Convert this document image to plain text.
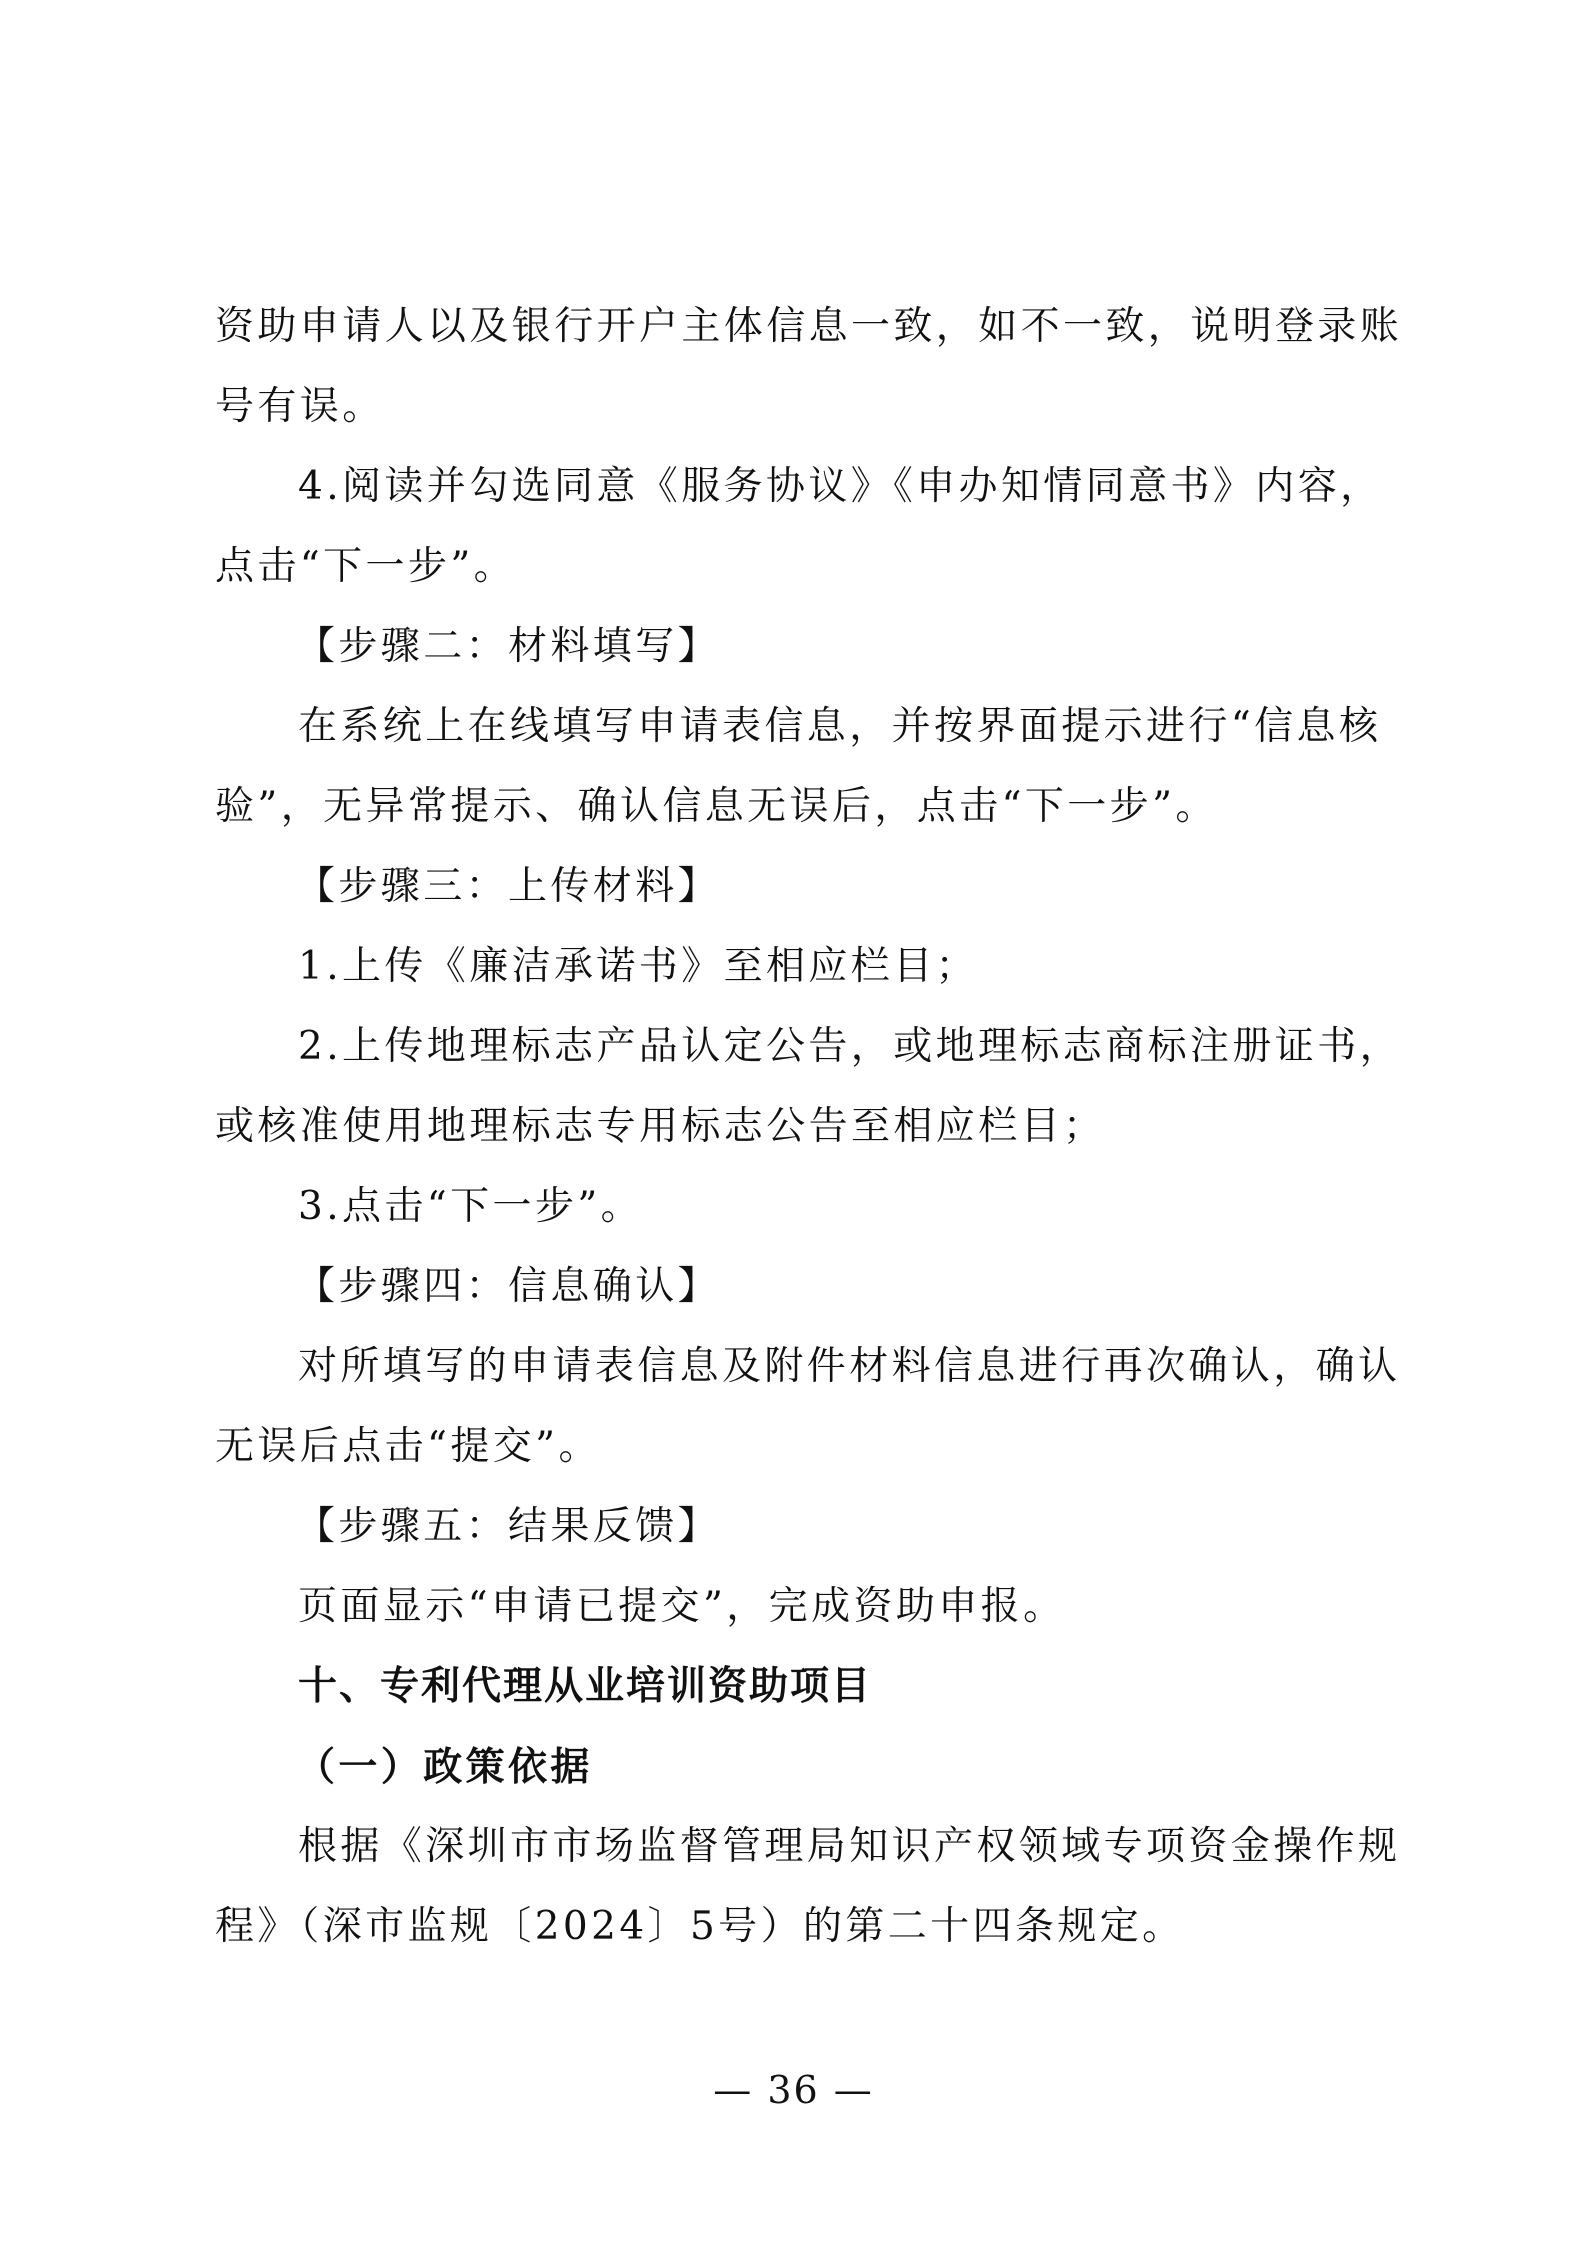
资助申请人以及银行开户主体信息一致，如不一致，说明登录账
号有误。
4.阅读并勾选同意《服务协议》《申办知情同意书》内容，
点击“下一步”。
【步骤二：材料填写】
在系统上在线填写申请表信息，并按界面提示进行“信息核
验”，无异常提示、确认信息无误后，点击“下一步”。
【步骤三：上传材料】
1.上传《廉洁承诺书》至相应栏目；
2.上传地理标志产品认定公告，或地理标志商标注册证书，
或核准使用地理标志专用标志公告至相应栏目；
3.点击“下一步”。
【步骤四：信息确认】
对所填写的申请表信息及附件材料信息进行再次确认，确认
无误后点击“提交”。
【步骤五：结果反馈】
页面显示“申请已提交”，完成资助申报。
十、专利代理从业培训资助项目
（一）政策依据
根据《深圳市市场监督管理局知识产权领域专项资金操作规
程》（深市监规〔2024〕5号）的第二十四条规定。
— 36 —
